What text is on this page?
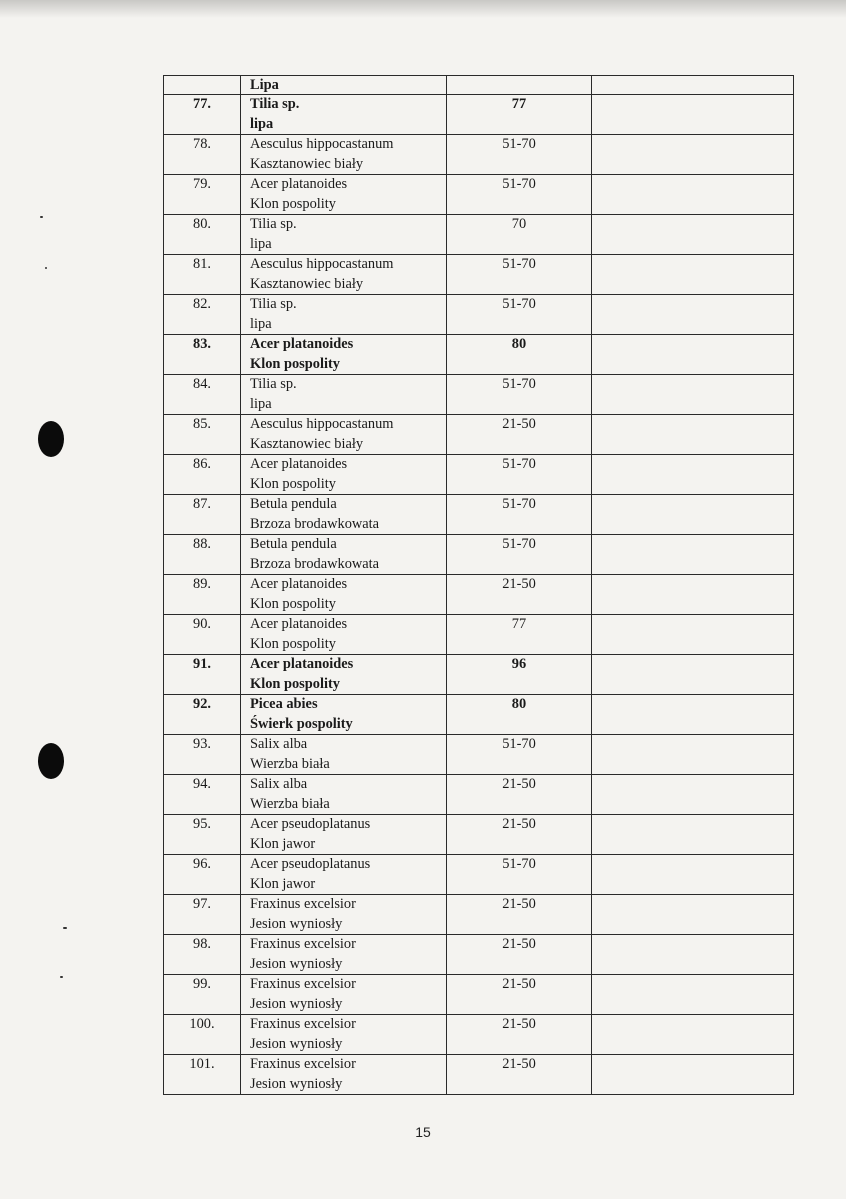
	Lipa		

77.	Tilia sp.
lipa	77	
78.	Aesculus hippocastanum
Kasztanowiec biały	51-70	
79.	Acer platanoides
Klon pospolity	51-70	
80.	Tilia sp.
lipa	70	
81.	Aesculus hippocastanum
Kasztanowiec biały	51-70	
82.	Tilia sp.
lipa	51-70	
83.	Acer platanoides
Klon pospolity	80	
84.	Tilia sp.
lipa	51-70	
85.	Aesculus hippocastanum
Kasztanowiec biały	21-50	
86.	Acer platanoides
Klon pospolity	51-70	
87.	Betula pendula
Brzoza brodawkowata	51-70	
88.	Betula pendula
Brzoza brodawkowata	51-70	
89.	Acer platanoides
Klon pospolity	21-50	
90.	Acer platanoides
Klon pospolity	77	
91.	Acer platanoides
Klon pospolity	96	
92.	Picea abies
Świerk pospolity	80	
93.	Salix alba
Wierzba biała	51-70	
94.	Salix alba
Wierzba biała	21-50	
95.	Acer pseudoplatanus
Klon jawor	21-50	
96.	Acer pseudoplatanus
Klon jawor	51-70	
97.	Fraxinus excelsior
Jesion wyniosły	21-50	
98.	Fraxinus excelsior
Jesion wyniosły	21-50	
99.	Fraxinus excelsior
Jesion wyniosły	21-50	
100.	Fraxinus excelsior
Jesion wyniosły	21-50	
101.	Fraxinus excelsior
Jesion wyniosły	21-50	
15
